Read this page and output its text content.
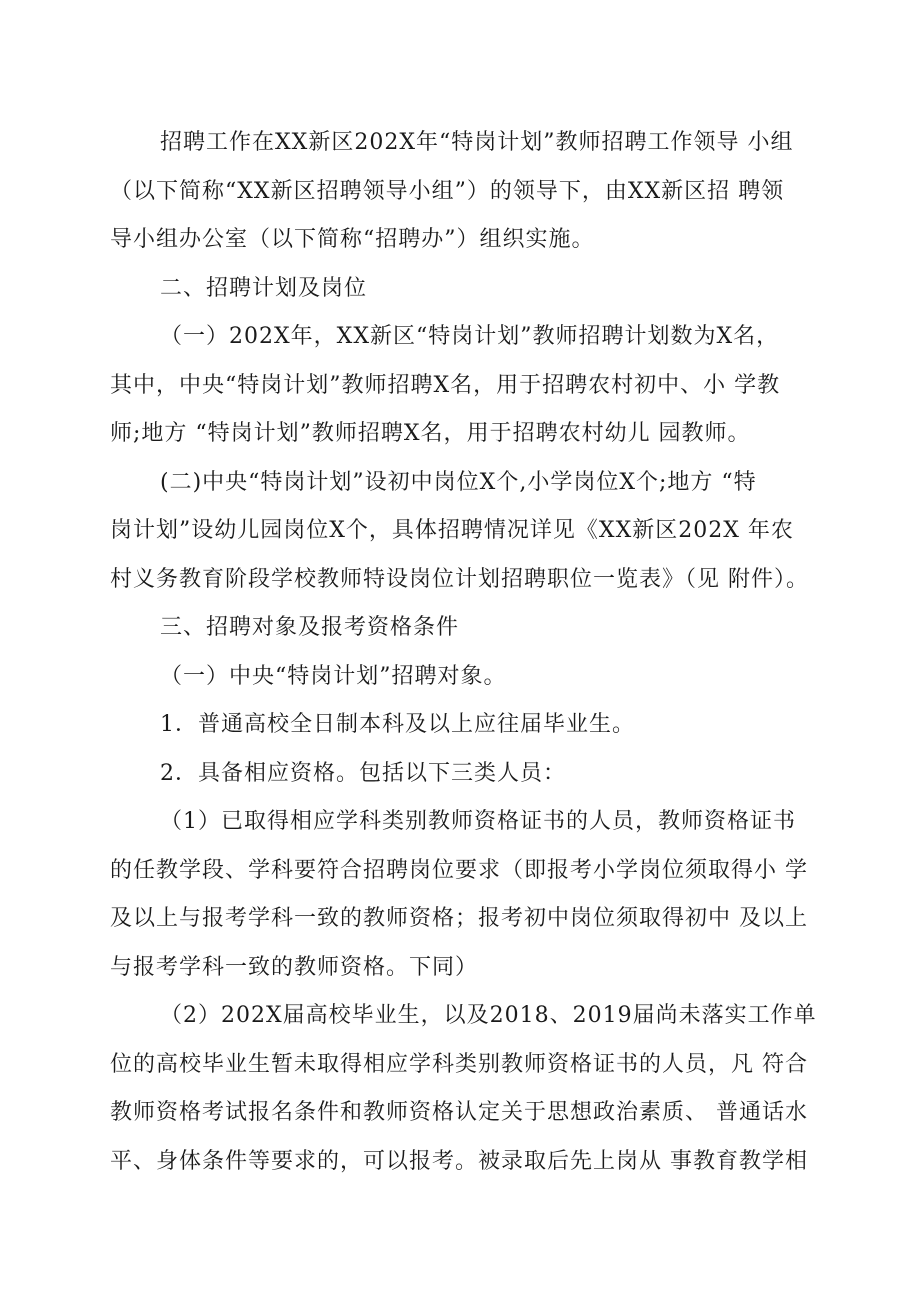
招聘工作在XX新区202X年“特岗计划”教师招聘工作领导 小组
（以下简称“XX新区招聘领导小组”）的领导下，由XX新区招 聘领
导小组办公室（以下简称“招聘办”）组织实施。
二、招聘计划及岗位
（一）202X年，XX新区“特岗计划”教师招聘计划数为X名，
其中，中央“特岗计划”教师招聘X名，用于招聘农村初中、小 学教
师;地方 “特岗计划”教师招聘X名，用于招聘农村幼儿 园教师。
(二)中央“特岗计划”设初中岗位X个,小学岗位X个;地方 “特
岗计划”设幼儿园岗位X个，具体招聘情况详见《XX新区202X 年农
村义务教育阶段学校教师特设岗位计划招聘职位一览表》（见 附件）。
三、招聘对象及报考资格条件
（一）中央“特岗计划”招聘对象。
1．普通高校全日制本科及以上应往届毕业生。
2．具备相应资格。包括以下三类人员：
（1）已取得相应学科类别教师资格证书的人员，教师资格证书
的任教学段、学科要符合招聘岗位要求（即报考小学岗位须取得小 学
及以上与报考学科一致的教师资格；报考初中岗位须取得初中 及以上
与报考学科一致的教师资格。下同）
（2）202X届高校毕业生，以及2018、2019届尚未落实工作单
位的高校毕业生暂未取得相应学科类别教师资格证书的人员，凡 符合
教师资格考试报名条件和教师资格认定关于思想政治素质、 普通话水
平、身体条件等要求的，可以报考。被录取后先上岗从 事教育教学相
